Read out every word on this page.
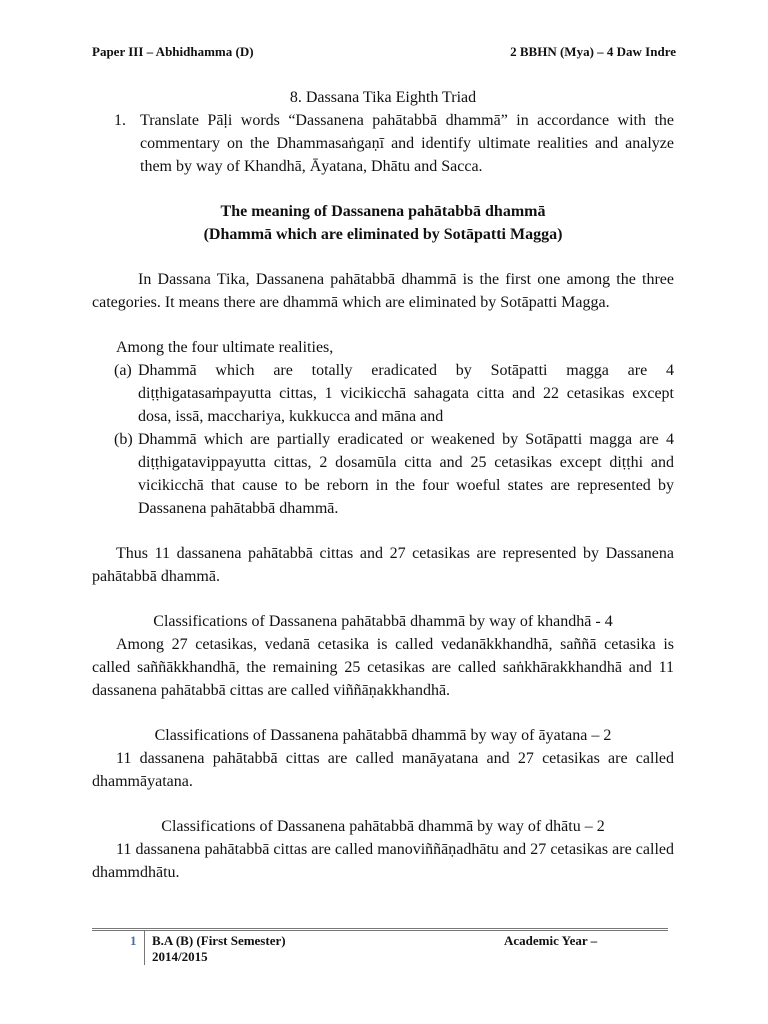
Paper III – Abhidhamma (D)	2 BBHN (Mya) – 4 Daw Indre
8. Dassana Tika Eighth Triad
1. Translate Pāḷi words “Dassanena pahātabbā dhammā” in accordance with the commentary on the Dhammasaṅgaṇī and identify ultimate realities and analyze them by way of Khandhā, Āyatana, Dhātu and Sacca.
The meaning of Dassanena pahātabbā dhammā
(Dhammā which are eliminated by Sotāpatti Magga)
In Dassana Tika, Dassanena pahātabbā dhammā is the first one among the three categories. It means there are dhammā which are eliminated by Sotāpatti Magga.
Among the four ultimate realities,
(a) Dhammā which are totally eradicated by Sotāpatti magga are 4 diṭṭhigatasaṁpayutta cittas, 1 vicikicchā sahagata citta and 22 cetasikas except dosa, issā, macchariya, kukkucca and māna and
(b) Dhammā which are partially eradicated or weakened by Sotāpatti magga are 4 diṭṭhigatavippayutta cittas, 2 dosamūla citta and 25 cetasikas except diṭṭhi and vicikicchā that cause to be reborn in the four woeful states are represented by Dassanena pahātabbā dhammā.
Thus 11 dassanena pahātabbā cittas and 27 cetasikas are represented by Dassanena pahātabbā dhammā.
Classifications of Dassanena pahātabbā dhammā by way of khandhā - 4
Among 27 cetasikas, vedanā cetasika is called vedanākkhandhā, saññā cetasika is called saññākkhandhā, the remaining 25 cetasikas are called saṅkhārakkhandhā and 11 dassanena pahātabbā cittas are called viññāṇakkhandhā.
Classifications of Dassanena pahātabbā dhammā by way of āyatana – 2
11 dassanena pahātabbā cittas are called manāyatana and 27 cetasikas are called dhammāyatana.
Classifications of Dassanena pahātabbā dhammā by way of dhātu – 2
11 dassanena pahātabbā cittas are called manoviññāṇadhātu and 27 cetasikas are called dhammdhātu.
1 B.A (B) (First Semester)
2014/2015
Academic Year –
